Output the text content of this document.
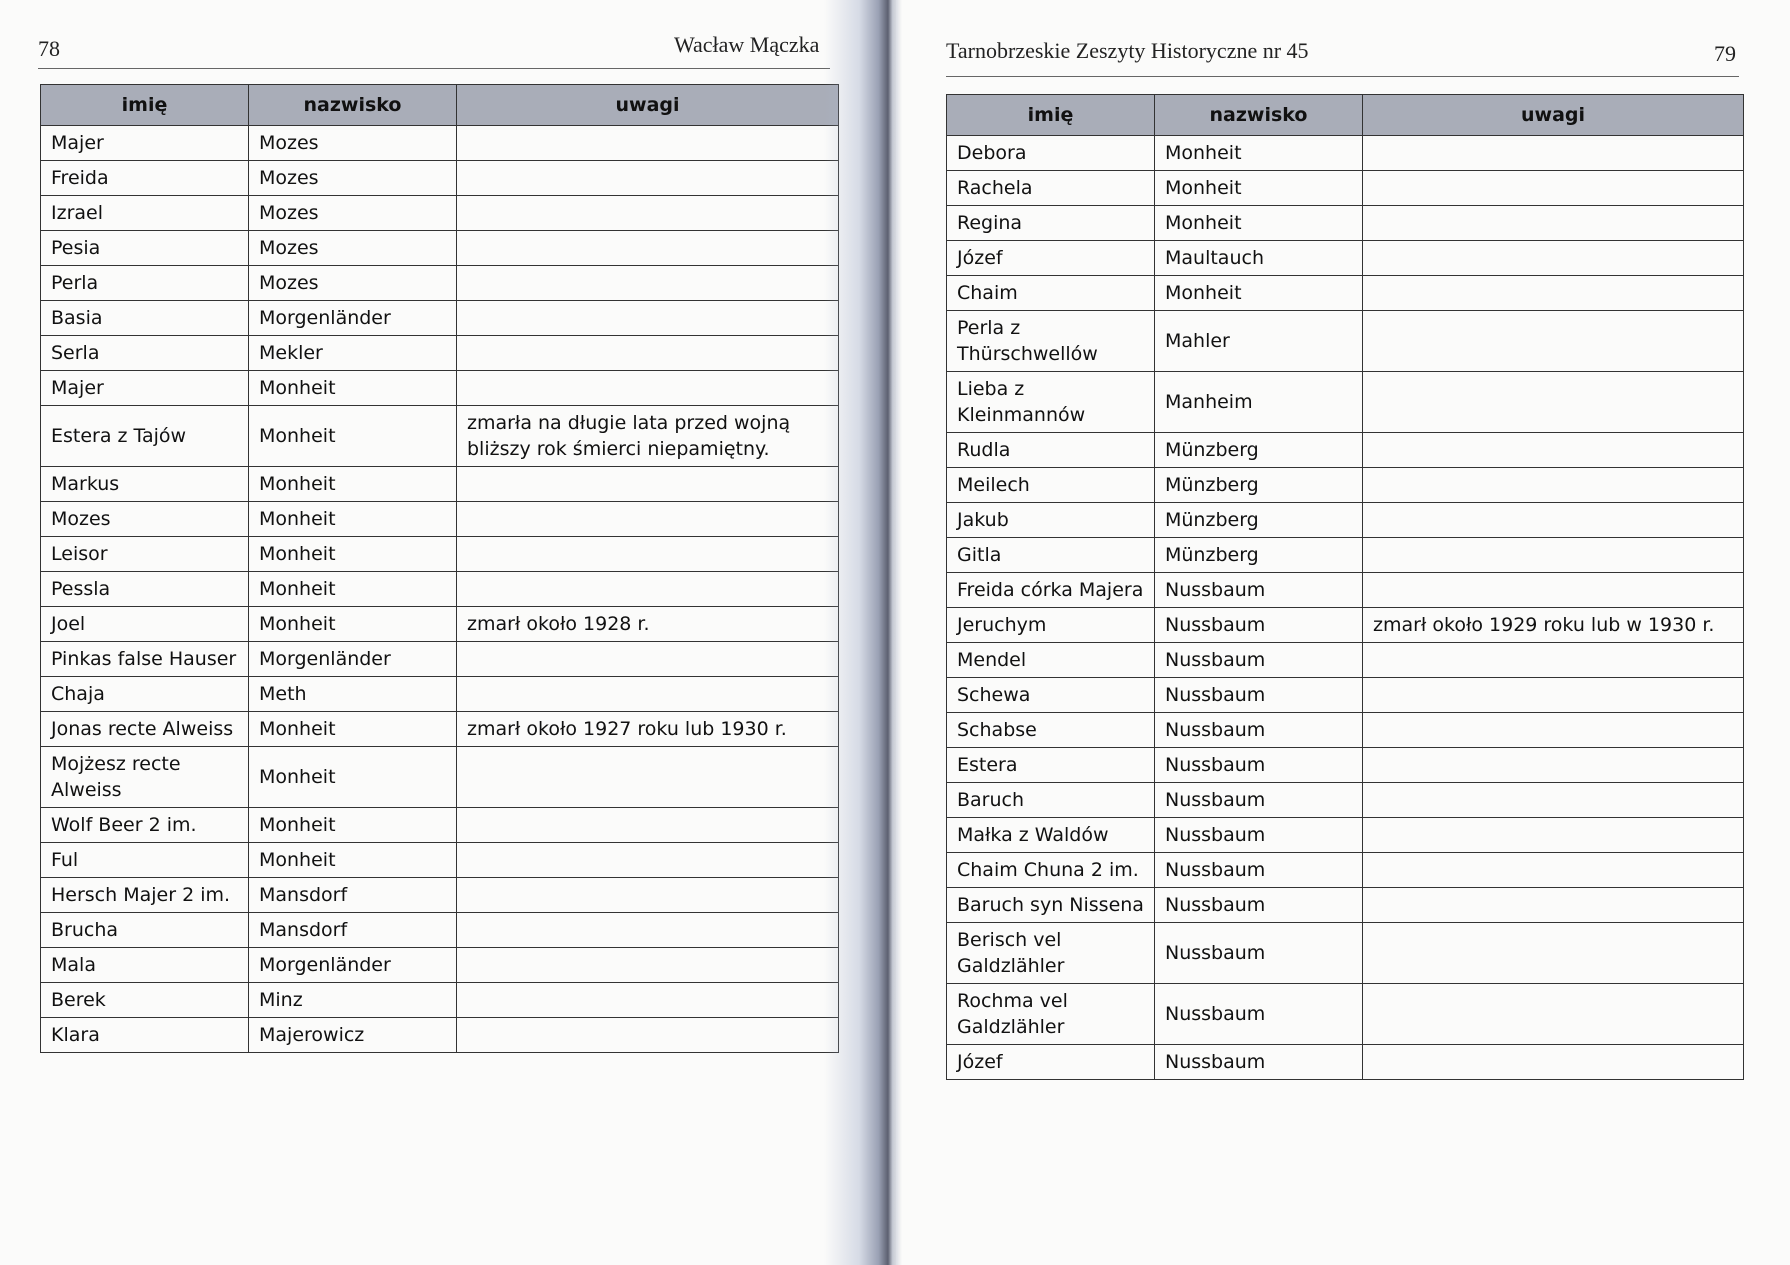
78	Wacław Mączka
imię	nazwisko	uwagi
Majer	Mozes	
Freida	Mozes	
Izrael	Mozes	
Pesia	Mozes	
Perla	Mozes	
Basia	Morgenländer	
Serla	Mekler	
Majer	Monheit	
Estera z Tajów	Monheit	zmarła na długie lata przed wojną bliższy rok śmierci niepamiętny.
Markus	Monheit	
Mozes	Monheit	
Leisor	Monheit	
Pessla	Monheit	
Joel	Monheit	zmarł około 1928 r.
Pinkas false Hauser	Morgenländer	
Chaja	Meth	
Jonas recte Alweiss	Monheit	zmarł około 1927 roku lub 1930 r.
Mojżesz recte Alweiss	Monheit	
Wolf Beer 2 im.	Monheit	
Ful	Monheit	
Hersch Majer 2 im.	Mansdorf	
Brucha	Mansdorf	
Mala	Morgenländer	
Berek	Minz	
Klara	Majerowicz	
Tarnobrzeskie Zeszyty Historyczne nr 45	79
imię	nazwisko	uwagi
Debora	Monheit	
Rachela	Monheit	
Regina	Monheit	
Józef	Maultauch	
Chaim	Monheit	
Perla z Thürschwellów	Mahler	
Lieba z Kleinmannów	Manheim	
Rudla	Münzberg	
Meilech	Münzberg	
Jakub	Münzberg	
Gitla	Münzberg	
Freida córka Majera	Nussbaum	
Jeruchym	Nussbaum	zmarł około 1929 roku lub w 1930 r.
Mendel	Nussbaum	
Schewa	Nussbaum	
Schabse	Nussbaum	
Estera	Nussbaum	
Baruch	Nussbaum	
Małka z Waldów	Nussbaum	
Chaim Chuna 2 im.	Nussbaum	
Baruch syn Nissena	Nussbaum	
Berisch vel Galdzlähler	Nussbaum	
Rochma vel Galdzlähler	Nussbaum	
Józef	Nussbaum	
